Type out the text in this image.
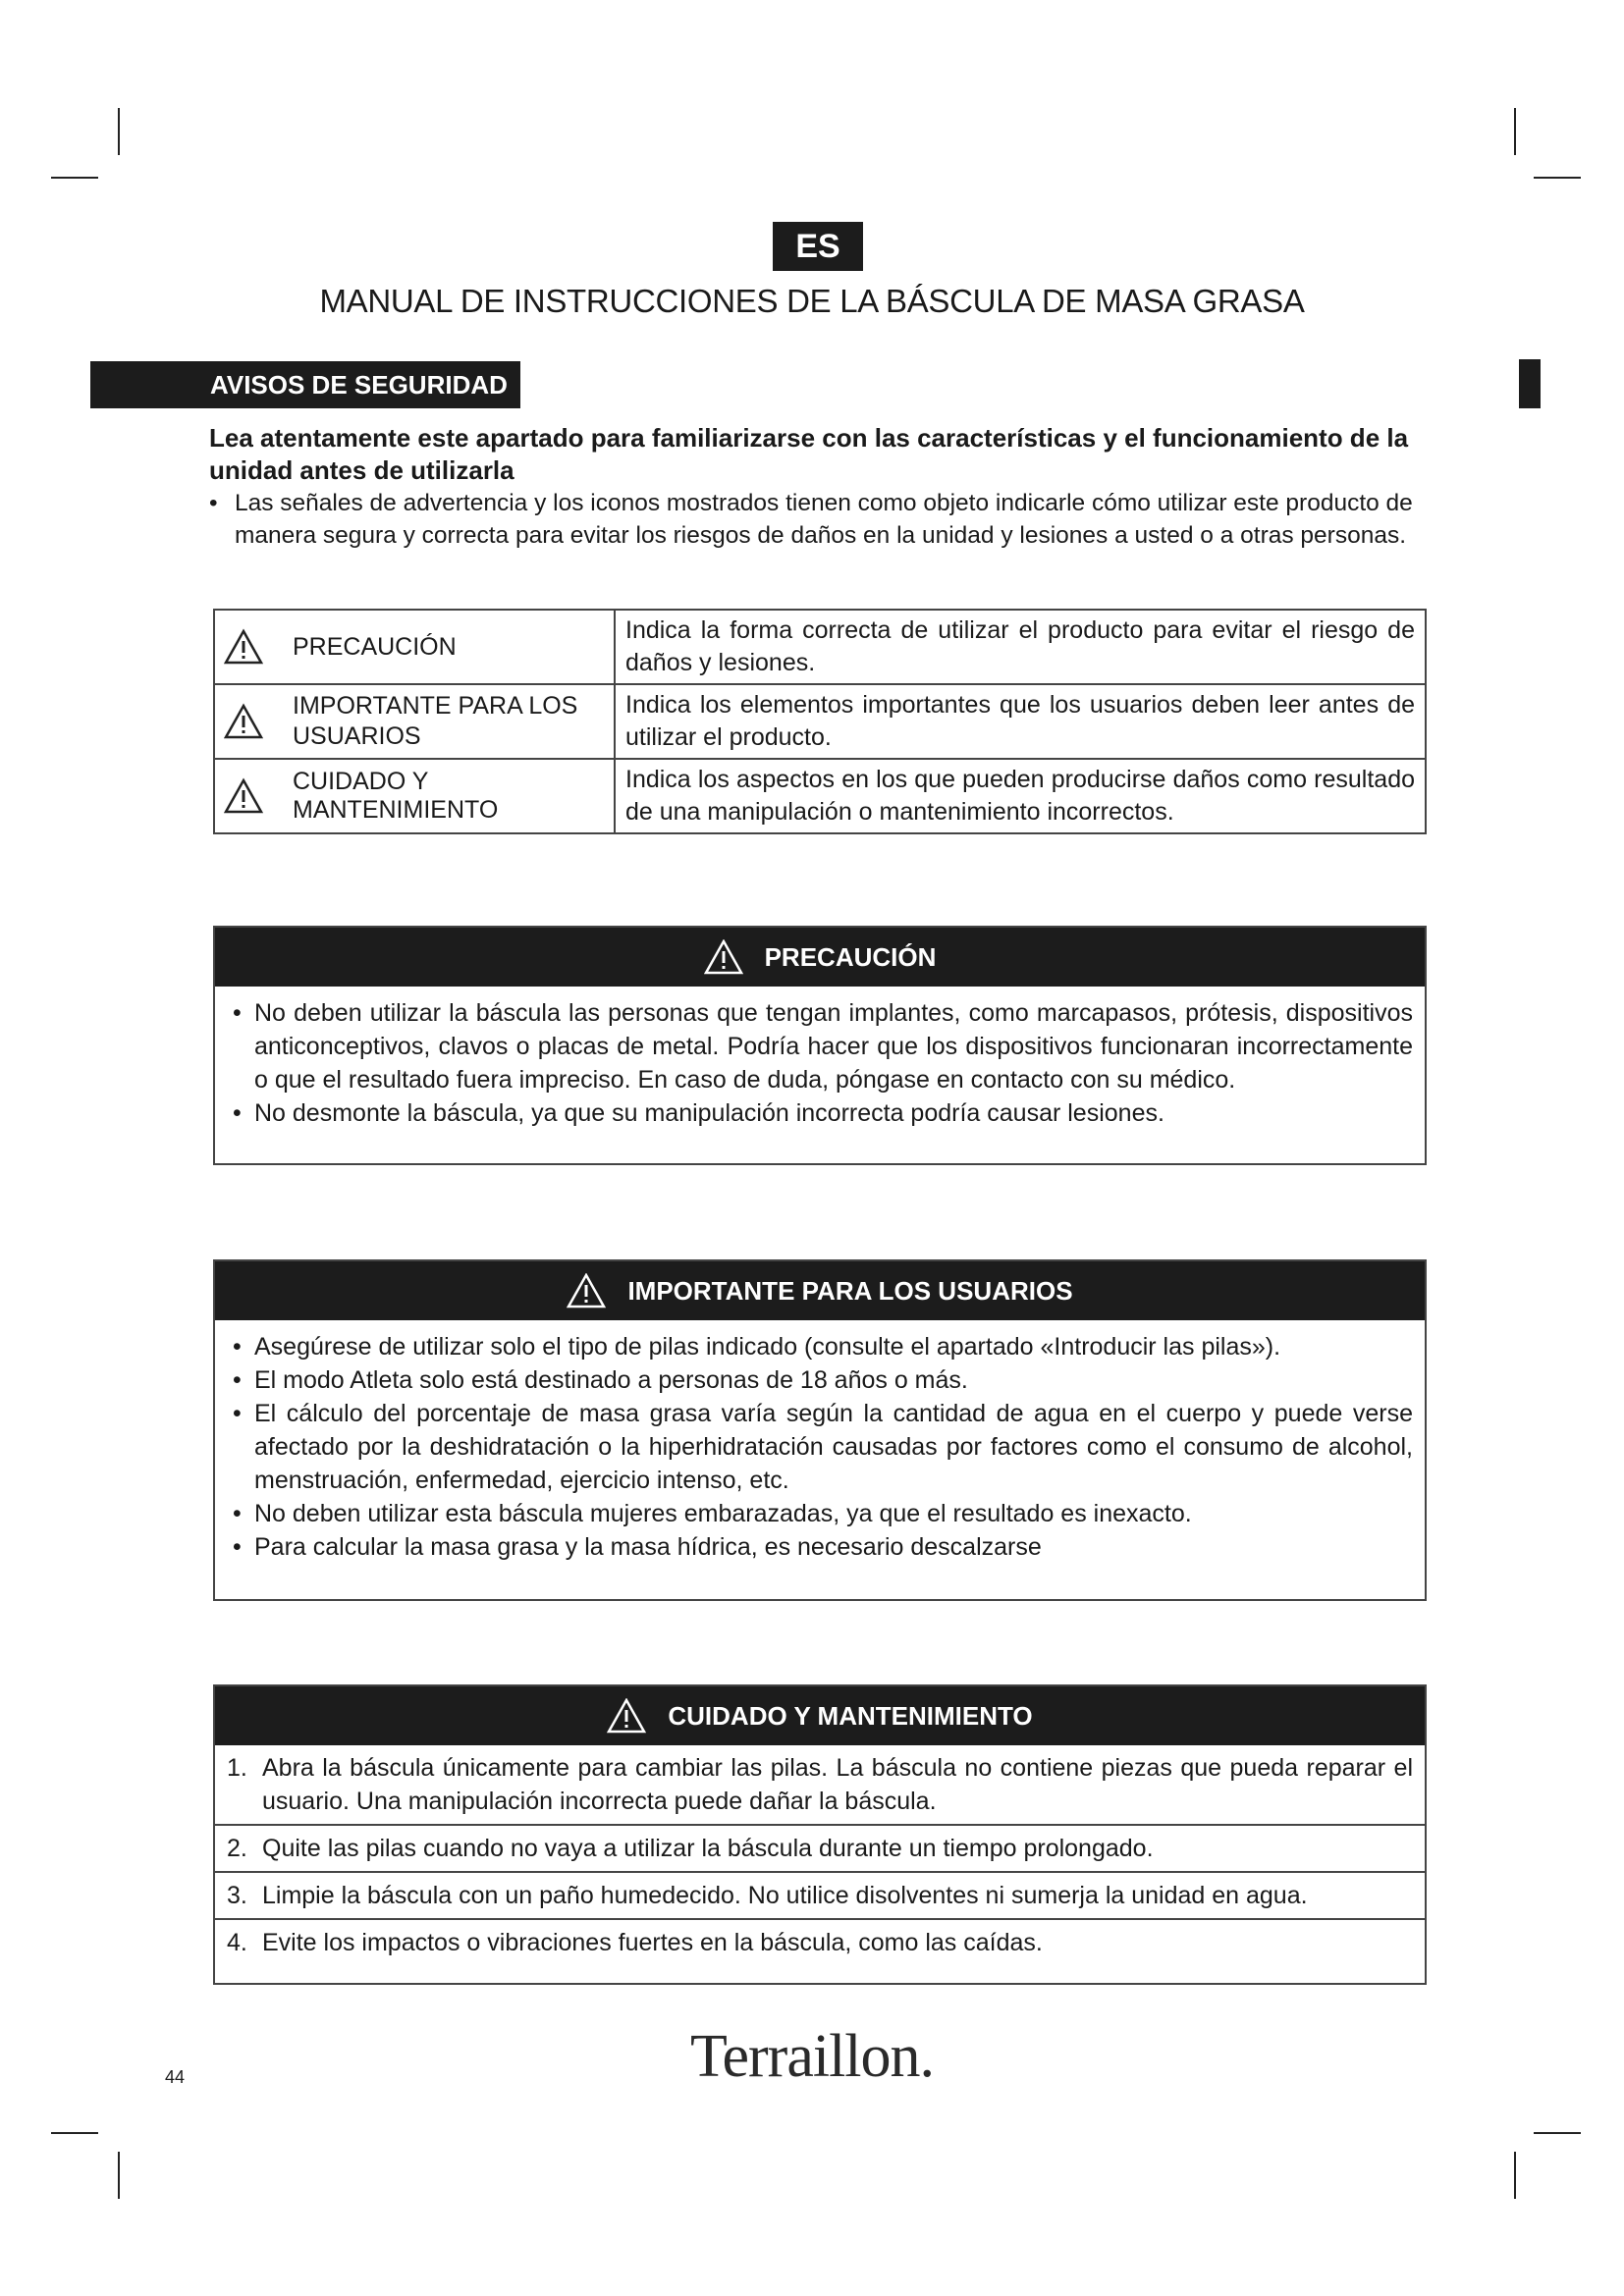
ES
MANUAL DE INSTRUCCIONES DE LA BÁSCULA DE MASA GRASA
AVISOS DE SEGURIDAD
Lea atentamente este apartado para familiarizarse con las características y el funcionamiento de la unidad antes de utilizarla
• Las señales de advertencia y los iconos mostrados tienen como objeto indicarle cómo utilizar este producto de manera segura y correcta para evitar los riesgos de daños en la unidad y lesiones a usted o a otras personas.
PRECAUCIÓN	Indica la forma correcta de utilizar el producto para evitar el riesgo de daños y lesiones.

IMPORTANTE PARA LOS USUARIOS	Indica los elementos importantes que los usuarios deben leer antes de utilizar el producto.

CUIDADO Y MANTENIMIENTO	Indica los aspectos en los que pueden producirse daños como resultado de una manipulación o mantenimiento incorrectos.
PRECAUCIÓN
• No deben utilizar la báscula las personas que tengan implantes, como marcapasos, prótesis, dispositivos anticonceptivos, clavos o placas de metal. Podría hacer que los dispositivos funcionaran incorrectamente o que el resultado fuera impreciso. En caso de duda, póngase en contacto con su médico.
• No desmonte la báscula, ya que su manipulación incorrecta podría causar lesiones.
IMPORTANTE PARA LOS USUARIOS
• Asegúrese de utilizar solo el tipo de pilas indicado (consulte el apartado «Introducir las pilas»).
• El modo Atleta solo está destinado a personas de 18 años o más.
• El cálculo del porcentaje de masa grasa varía según la cantidad de agua en el cuerpo y puede verse afectado por la deshidratación o la hiperhidratación causadas por factores como el consumo de alcohol, menstruación, enfermedad, ejercicio intenso, etc.
• No deben utilizar esta báscula mujeres embarazadas, ya que el resultado es inexacto.
• Para calcular la masa grasa y la masa hídrica, es necesario descalzarse
CUIDADO Y MANTENIMIENTO
1. Abra la báscula únicamente para cambiar las pilas. La báscula no contiene piezas que pueda reparar el usuario. Una manipulación incorrecta puede dañar la báscula.
2. Quite las pilas cuando no vaya a utilizar la báscula durante un tiempo prolongado.
3. Limpie la báscula con un paño humedecido. No utilice disolventes ni sumerja la unidad en agua.
4. Evite los impactos o vibraciones fuertes en la báscula, como las caídas.
44	Terraillon.
